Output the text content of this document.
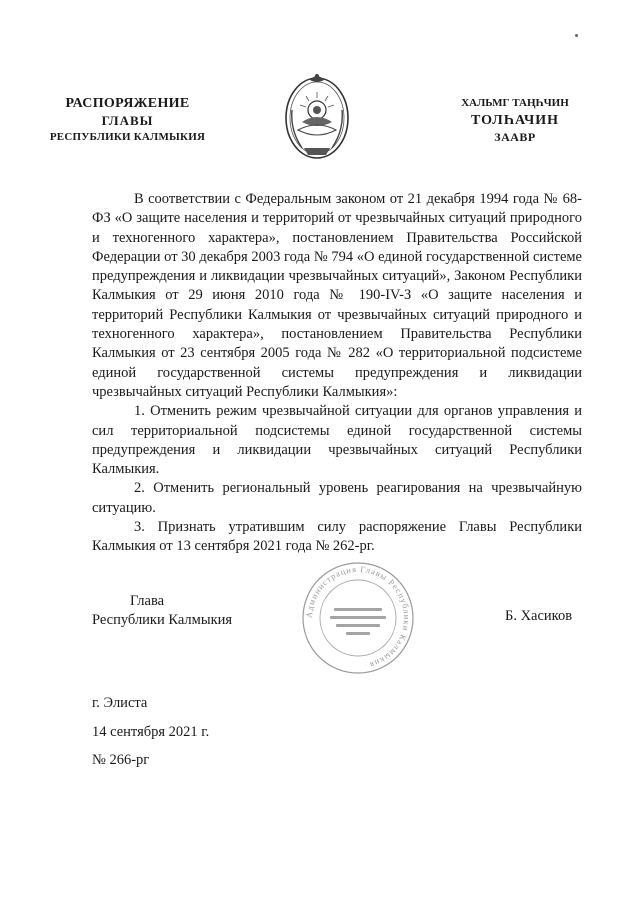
РАСПОРЯЖЕНИЕ
ГЛАВЫ
РЕСПУБЛИКИ КАЛМЫКИЯ
ХАЛЬМГ ТАҢҺЧИН
ТОЛҺАЧИН
ЗААВР

В соответствии с Федеральным законом от 21 декабря 1994 года № 68-ФЗ «О защите населения и территорий от чрезвычайных ситуаций природного и техногенного характера», постановлением Правительства Российской Федерации от 30 декабря 2003 года № 794 «О единой государственной системе предупреждения и ликвидации чрезвычайных ситуаций», Законом Республики Калмыкия от 29 июня 2010 года № 190-IV-З «О защите населения и территорий Республики Калмыкия от чрезвычайных ситуаций природного и техногенного характера», постановлением Правительства Республики Калмыкия от 23 сентября 2005 года № 282 «О территориальной подсистеме единой государственной системы предупреждения и ликвидации чрезвычайных ситуаций Республики Калмыкия»:

1. Отменить режим чрезвычайной ситуации для органов управления и сил территориальной подсистемы единой государственной системы предупреждения и ликвидации чрезвычайных ситуаций Республики Калмыкия.

2. Отменить региональный уровень реагирования на чрезвычайную ситуацию.

3. Признать утратившим силу распоряжение Главы Республики Калмыкия от 13 сентября 2021 года № 262-рг.

Глава
Республики Калмыкия	Администрация Главы Республики Калмыкия
Б. Хасиков
г. Элиста
14 сентября 2021 г.
№ 266-рг
